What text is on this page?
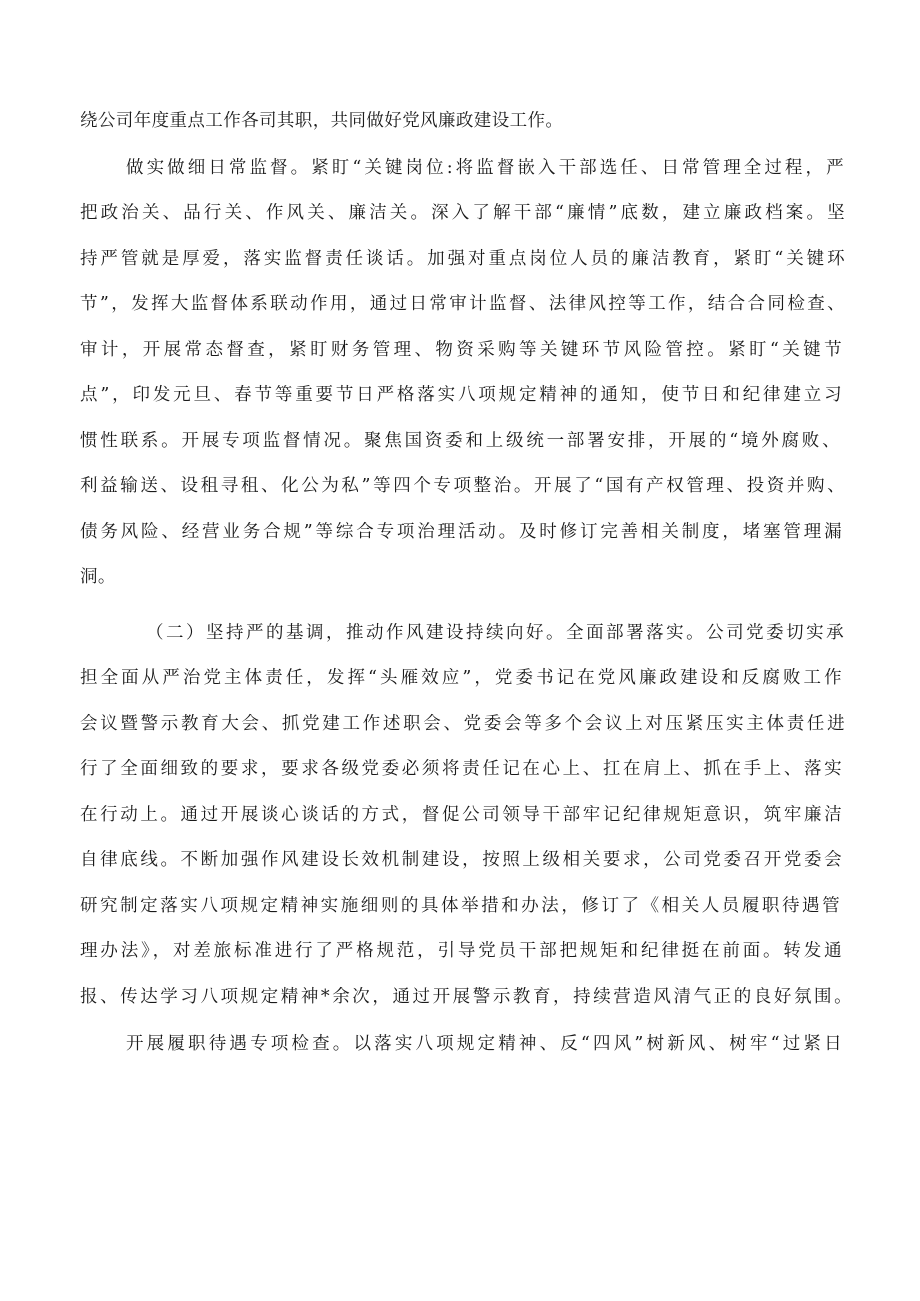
绕公司年度重点工作各司其职，共同做好党风廉政建设工作。
做实做细日常监督。紧盯“关键岗位:将监督嵌入干部选任、日常管理全过程，严
把政治关、品行关、作风关、廉洁关。深入了解干部“廉情”底数，建立廉政档案。坚
持严管就是厚爱，落实监督责任谈话。加强对重点岗位人员的廉洁教育，紧盯“关键环
节”，发挥大监督体系联动作用，通过日常审计监督、法律风控等工作，结合合同检查、
审计，开展常态督查，紧盯财务管理、物资采购等关键环节风险管控。紧盯“关键节
点”，印发元旦、春节等重要节日严格落实八项规定精神的通知，使节日和纪律建立习
惯性联系。开展专项监督情况。聚焦国资委和上级统一部署安排，开展的“境外腐败、
利益输送、设租寻租、化公为私”等四个专项整治。开展了“国有产权管理、投资并购、
债务风险、经营业务合规”等综合专项治理活动。及时修订完善相关制度，堵塞管理漏
洞。
（二）坚持严的基调，推动作风建设持续向好。全面部署落实。公司党委切实承
担全面从严治党主体责任，发挥“头雁效应”，党委书记在党风廉政建设和反腐败工作
会议暨警示教育大会、抓党建工作述职会、党委会等多个会议上对压紧压实主体责任进
行了全面细致的要求，要求各级党委必须将责任记在心上、扛在肩上、抓在手上、落实
在行动上。通过开展谈心谈话的方式，督促公司领导干部牢记纪律规矩意识，筑牢廉洁
自律底线。不断加强作风建设长效机制建设，按照上级相关要求，公司党委召开党委会
研究制定落实八项规定精神实施细则的具体举措和办法，修订了《相关人员履职待遇管
理办法》，对差旅标准进行了严格规范，引导党员干部把规矩和纪律挺在前面。转发通
报、传达学习八项规定精神*余次，通过开展警示教育，持续营造风清气正的良好氛围。
开展履职待遇专项检查。以落实八项规定精神、反“四风”树新风、树牢“过紧日
